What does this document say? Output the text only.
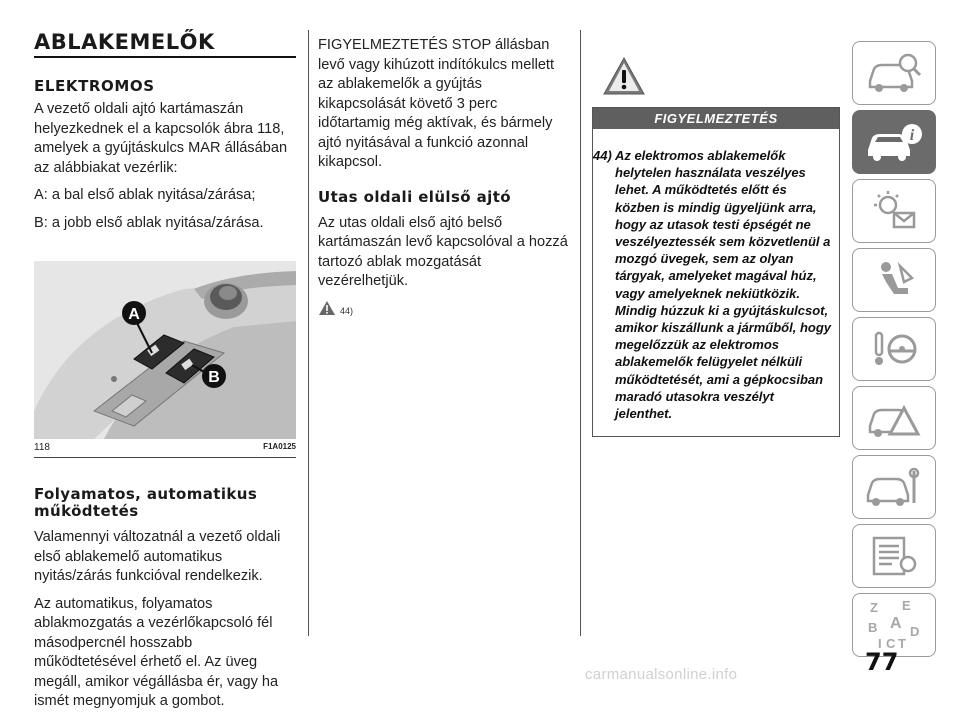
ABLAKEMELŐK
ELEKTROMOS

A vezető oldali ajtó kartámaszán helyezkednek el a kapcsolók ábra 118, amelyek a gyújtáskulcs MAR állásában az alábbiakat vezérlik:

A: a bal első ablak nyitása/zárása;

B: a jobb első ablak nyitása/zárása.

A
B
118	F1A0125
Folyamatos, automatikus működtetés

Valamennyi változatnál a vezető oldali első ablakemelő automatikus nyitás/zárás funkcióval rendelkezik.

Az automatikus, folyamatos ablakmozgatás a vezérlőkapcsoló fél másodpercnél hosszabb működtetésével érhető el. Az üveg megáll, amikor végállásba ér, vagy ha ismét megnyomjuk a gombot.

FIGYELMEZTETÉS STOP állásban levő vagy kihúzott indítókulcs mellett az ablakemelők a gyújtás kikapcsolását követő 3 perc időtartamig még aktívak, és bármely ajtó nyitásával a funkció azonnal kikapcsol.

Utas oldali elülső ajtó

Az utas oldali első ajtó belső kartámaszán levő kapcsolóval a hozzá tartozó ablak mozgatását vezérelhetjük.

44)
FIGYELMEZTETÉS
44) Az elektromos ablakemelők helytelen használata veszélyes lehet. A működtetés előtt és közben is mindig ügyeljünk arra, hogy az utasok testi épségét ne veszélyeztessék sem közvetlenül a mozgó üvegek, sem az olyan tárgyak, amelyeket magával húz, vagy amelyeknek nekiütközik. Mindig húzzuk ki a gyújtáskulcsot, amikor kiszállunk a járműből, hogy megelőzzük az elektromos ablakemelők felügyelet nélküli működtetését, ami a gépkocsiban maradó utasokra veszélyt jelenthet.
i
Z E
A
B	D
I C T
77
carmanualsonline.info
